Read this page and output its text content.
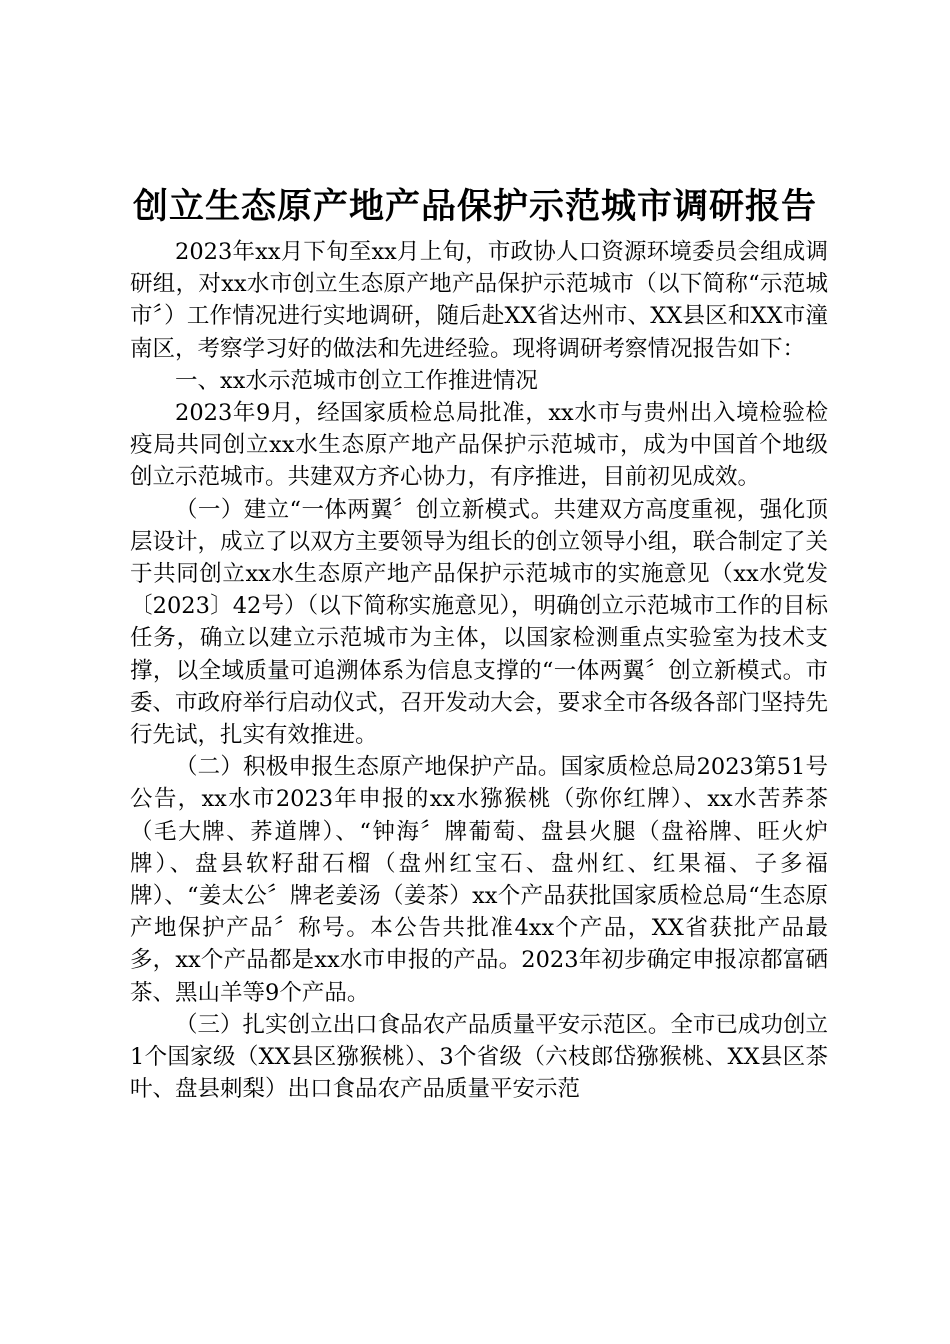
创立生态原产地产品保护示范城市调研报告

2023年xx月下旬至xx月上旬，市政协人口资源环境委员会组成调研组，对xx水市创立生态原产地产品保护示范城市（以下简称“示范城市〞）工作情况进行实地调研，随后赴XX省达州市、XX县区和XX市潼南区，考察学习好的做法和先进经验。现将调研考察情况报告如下：

一、xx水示范城市创立工作推进情况

2023年9月，经国家质检总局批准，xx水市与贵州出入境检验检疫局共同创立xx水生态原产地产品保护示范城市，成为中国首个地级创立示范城市。共建双方齐心协力，有序推进，目前初见成效。

（一）建立“一体两翼〞创立新模式。共建双方高度重视，强化顶层设计，成立了以双方主要领导为组长的创立领导小组，联合制定了关于共同创立xx水生态原产地产品保护示范城市的实施意见（xx水党发〔2023〕42号）（以下简称实施意见），明确创立示范城市工作的目标任务，确立以建立示范城市为主体，以国家检测重点实验室为技术支撑，以全域质量可追溯体系为信息支撑的“一体两翼〞创立新模式。市委、市政府举行启动仪式，召开发动大会，要求全市各级各部门坚持先行先试，扎实有效推进。

（二）积极申报生态原产地保护产品。国家质检总局2023第51号公告，xx水市2023年申报的xx水猕猴桃（弥你红牌）、xx水苦荞茶（毛大牌、荞道牌）、“钟海〞牌葡萄、盘县火腿（盘裕牌、旺火炉牌）、盘县软籽甜石榴（盘州红宝石、盘州红、红果福、子多福牌）、“姜太公〞牌老姜汤（姜茶）xx个产品获批国家质检总局“生态原产地保护产品〞称号。本公告共批准4xx个产品，XX省获批产品最多，xx个产品都是xx水市申报的产品。2023年初步确定申报凉都富硒茶、黑山羊等9个产品。

（三）扎实创立出口食品农产品质量平安示范区。全市已成功创立1个国家级（XX县区猕猴桃）、3个省级（六枝郎岱猕猴桃、XX县区茶叶、盘县刺梨）出口食品农产品质量平安示范
